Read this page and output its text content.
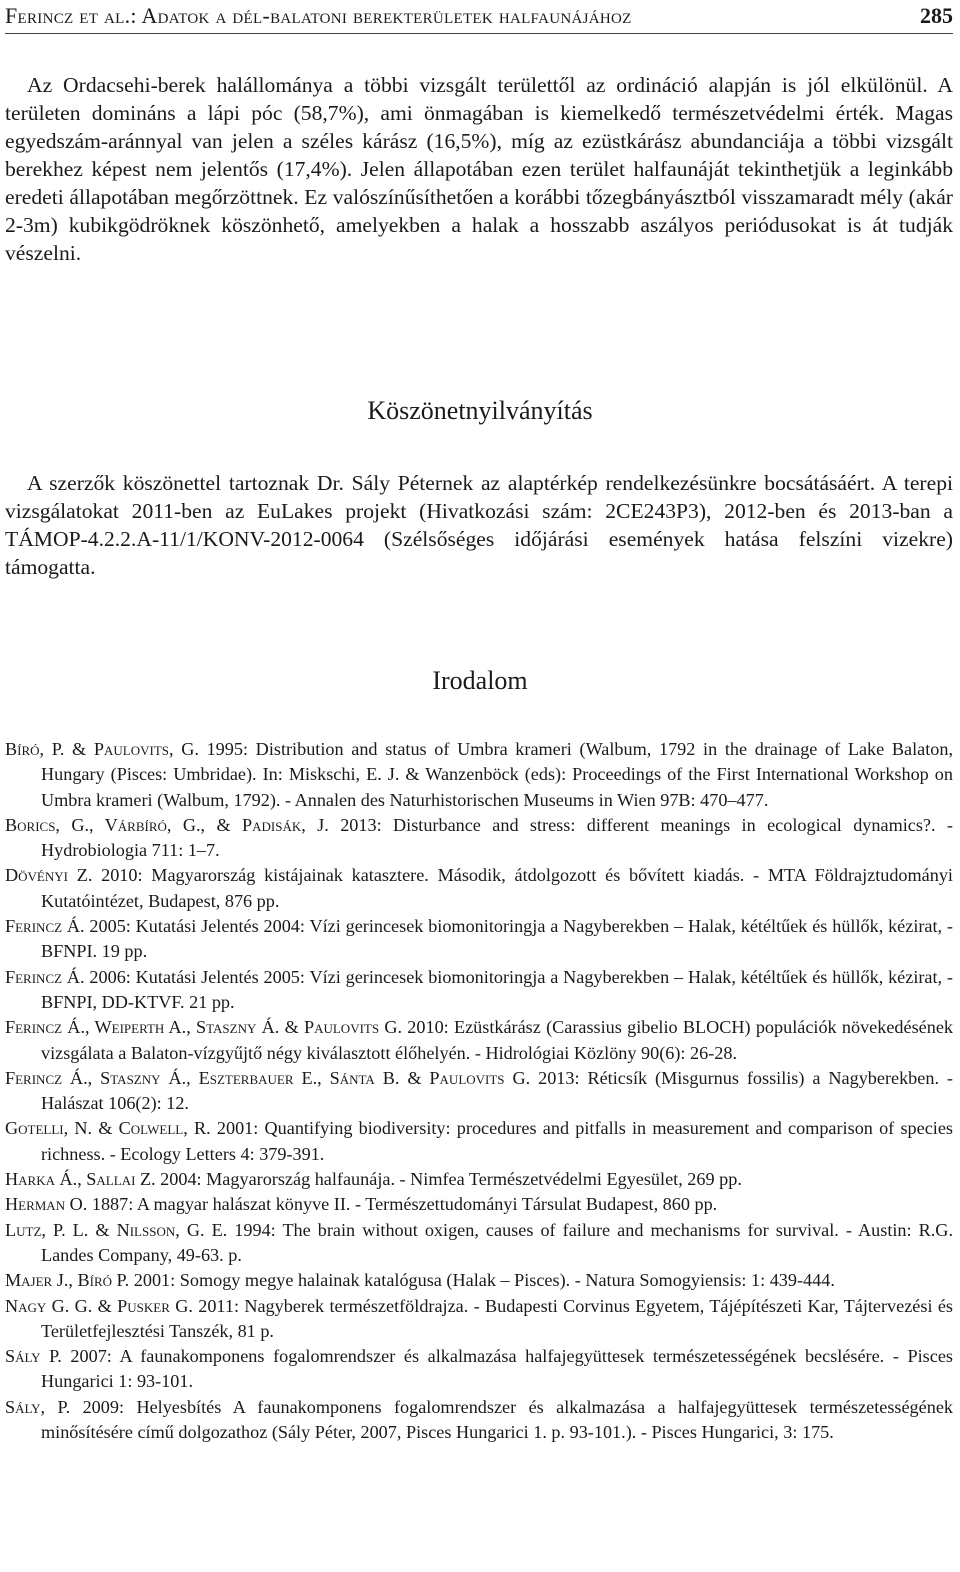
Ferincz et al.: Adatok a dél-balatoni berekterületek halfaunájához	285

Az Ordacsehi-berek halállománya a többi vizsgált területtől az ordináció alapján is jól elkülönül. A területen domináns a lápi póc (58,7%), ami önmagában is kiemelkedő természetvédelmi érték. Magas egyedszám-aránnyal van jelen a széles kárász (16,5%), míg az ezüstkárász abundanciája a többi vizsgált berekhez képest nem jelentős (17,4%). Jelen állapotában ezen terület halfaunáját tekinthetjük a leginkább eredeti állapotában megőrzöttnek. Ez valószínűsíthetően a korábbi tőzegbányásztból visszamaradt mély (akár 2-3m) kubikgödröknek köszönhető, amelyekben a halak a hosszabb aszályos periódusokat is át tudják vészelni.

Köszönetnyilványítás

A szerzők köszönettel tartoznak Dr. Sály Péternek az alaptérkép rendelkezésünkre bocsátásáért. A terepi vizsgálatokat 2011-ben az EuLakes projekt (Hivatkozási szám: 2CE243P3), 2012-ben és 2013-ban a TÁMOP-4.2.2.A-11/1/KONV-2012-0064 (Szélsőséges időjárási események hatása felszíni vizekre) támogatta.

Irodalom

Bíró, P. & Paulovits, G. 1995: Distribution and status of Umbra krameri (Walbum, 1792 in the drainage of Lake Balaton, Hungary (Pisces: Umbridae). In: Miskschi, E. J. & Wanzenböck (eds): Proceedings of the First International Workshop on Umbra krameri (Walbum, 1792). - Annalen des Naturhistorischen Museums in Wien 97B: 470–477.

Borics, G., Várbíró, G., & Padisák, J. 2013: Disturbance and stress: different meanings in ecological dynamics?. - Hydrobiologia 711: 1–7.

Dövényi Z. 2010: Magyarország kistájainak katasztere. Második, átdolgozott és bővített kiadás. - MTA Földrajztudományi Kutatóintézet, Budapest, 876 pp.

Ferincz Á. 2005: Kutatási Jelentés 2004: Vízi gerincesek biomonitoringja a Nagyberekben – Halak, kétéltűek és hüllők, kézirat, - BFNPI. 19 pp.

Ferincz Á. 2006: Kutatási Jelentés 2005: Vízi gerincesek biomonitoringja a Nagyberekben – Halak, kétéltűek és hüllők, kézirat, - BFNPI, DD-KTVF. 21 pp.

Ferincz Á., Weiperth A., Staszny Á. & Paulovits G. 2010: Ezüstkárász (Carassius gibelio BLOCH) populációk növekedésének vizsgálata a Balaton-vízgyűjtő négy kiválasztott élőhelyén. - Hidrológiai Közlöny 90(6): 26-28.

Ferincz Á., Staszny Á., Eszterbauer E., Sánta B. & Paulovits G. 2013: Réticsík (Misgurnus fossilis) a Nagyberekben. - Halászat 106(2): 12.

Gotelli, N. & Colwell, R. 2001: Quantifying biodiversity: procedures and pitfalls in measurement and comparison of species richness. - Ecology Letters 4: 379-391.

Harka Á., Sallai Z. 2004: Magyarország halfaunája. - Nimfea Természetvédelmi Egyesület, 269 pp.

Herman O. 1887: A magyar halászat könyve II. - Természettudományi Társulat Budapest, 860 pp.

Lutz, P. L. & Nilsson, G. E. 1994: The brain without oxigen, causes of failure and mechanisms for survival. - Austin: R.G. Landes Company, 49-63. p.

Majer J., Bíró P. 2001: Somogy megye halainak katalógusa (Halak – Pisces). - Natura Somogyiensis: 1: 439-444.

Nagy G. G. & Pusker G. 2011: Nagyberek természetföldrajza. - Budapesti Corvinus Egyetem, Tájépítészeti Kar, Tájtervezési és Területfejlesztési Tanszék, 81 p.

Sály P. 2007: A faunakomponens fogalomrendszer és alkalmazása halfajegyüttesek természetességének becslésére. - Pisces Hungarici 1: 93-101.

Sály, P. 2009: Helyesbítés A faunakomponens fogalomrendszer és alkalmazása a halfajegyüttesek természetességének minősítésére című dolgozathoz (Sály Péter, 2007, Pisces Hungarici 1. p. 93-101.). - Pisces Hungarici, 3: 175.
